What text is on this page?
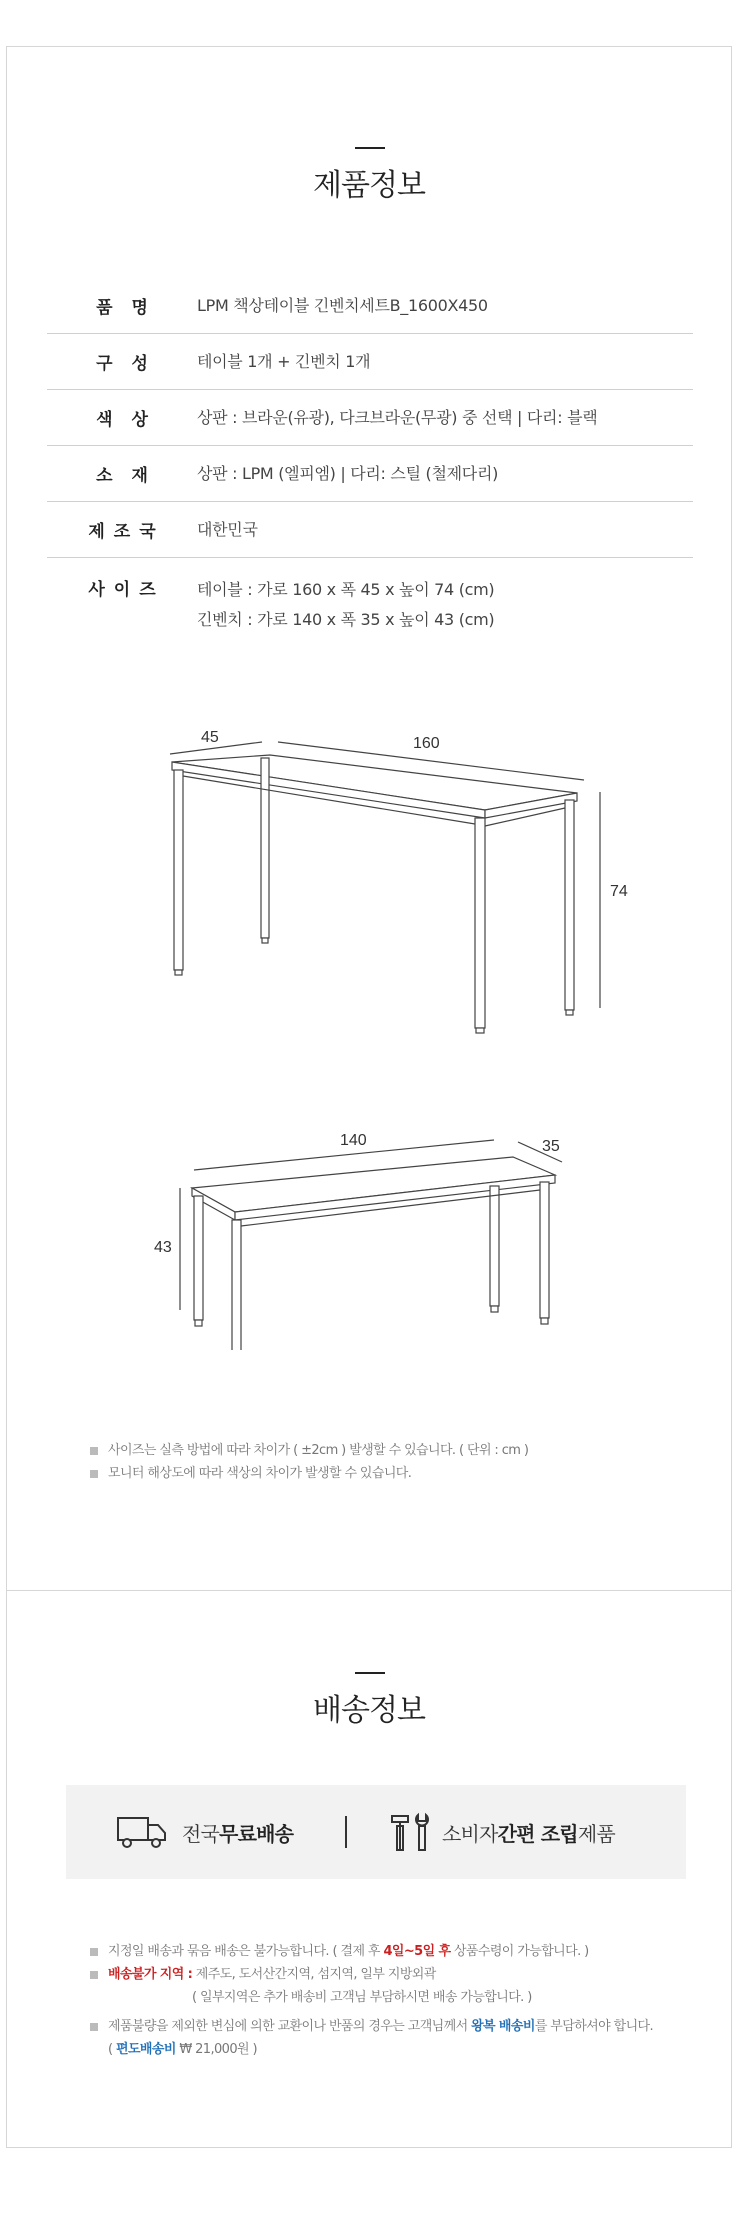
제품정보
품명	LPM 책상테이블 긴벤치세트B_1600X450
구성	테이블 1개 + 긴벤치 1개
색상	상판 : 브라운(유광), 다크브라운(무광) 중 선택 | 다리: 블랙
소재	상판 : LPM (엘피엠) | 다리: 스틸 (철제다리)
제조국	대한민국
사이즈	테이블 : 가로 160 x 폭 45 x 높이 74 (cm)
긴벤치 : 가로 140 x 폭 35 x 높이 43 (cm)
45	160
74
140	35
43
사이즈는 실측 방법에 따라 차이가 ( ±2cm ) 발생할 수 있습니다. ( 단위 : cm )
모니터 해상도에 따라 색상의 차이가 발생할 수 있습니다.
배송정보
전국 무료배송	소비자 간편 조립 제품
지정일 배송과 묶음 배송은 불가능합니다. ( 결제 후 4일~5일 후 상품수령이 가능합니다. )
배송불가 지역 : 제주도, 도서산간지역, 섬지역, 일부 지방외곽
( 일부지역은 추가 배송비 고객님 부담하시면 배송 가능합니다. )
제품불량을 제외한 변심에 의한 교환이나 반품의 경우는 고객님께서 왕복 배송비를 부담하셔야 합니다.
( 편도배송비 ₩ 21,000원 )
